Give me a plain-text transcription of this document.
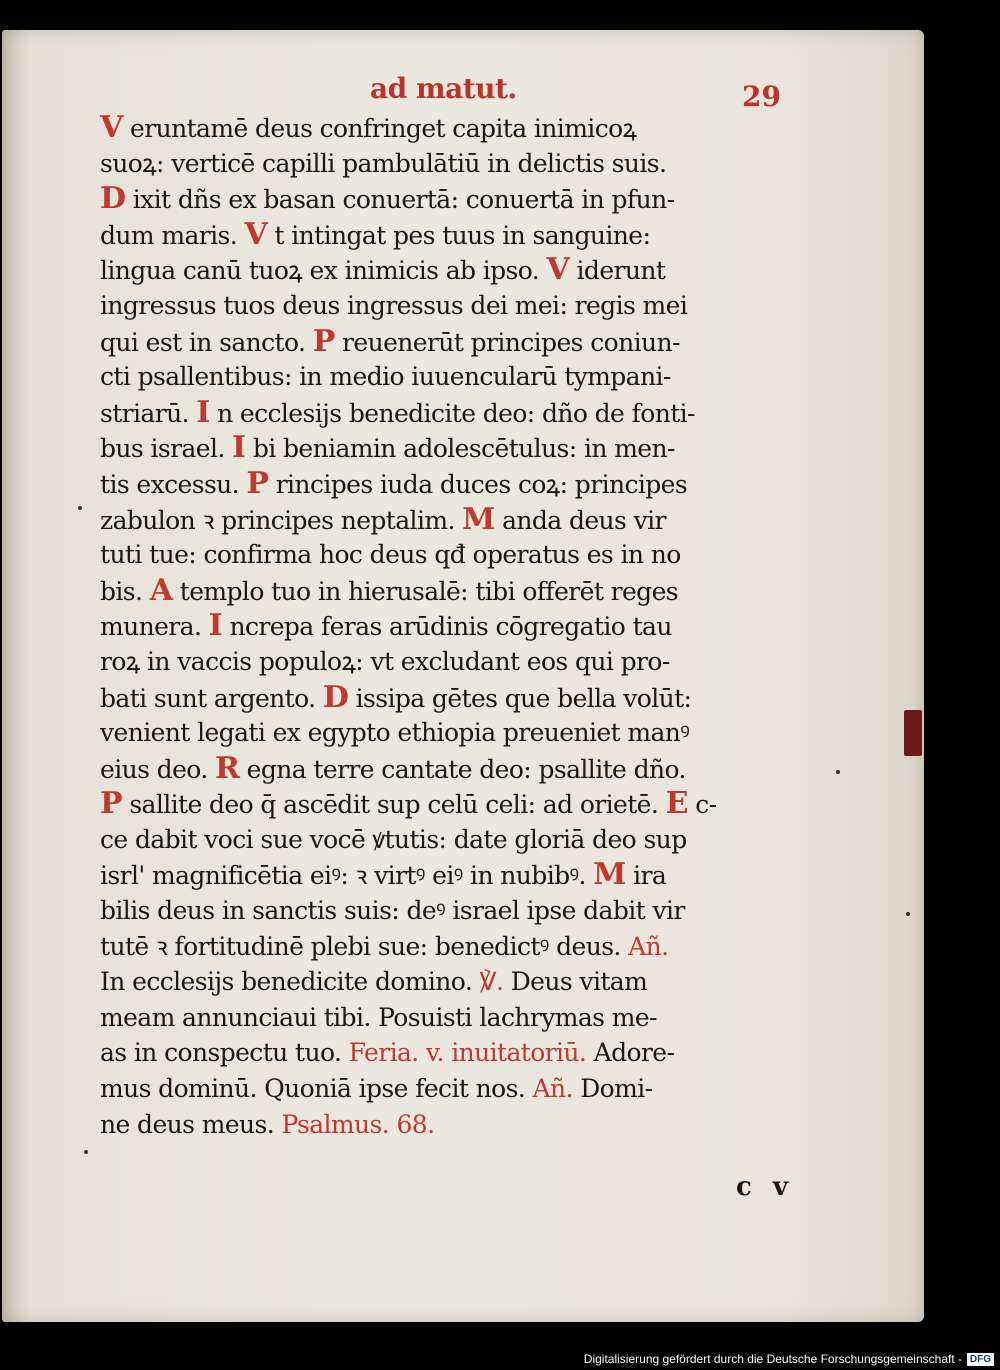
ad matut.	29
V eruntamē deus confringet capita inimicoꝝ
suoꝝ: verticē capilli pambulātiū in delictis suis.
D ixit dñs ex basan conuertā: conuertā in pfun-
dum maris. V t intingat pes tuus in sanguine:
lingua canū tuoꝝ ex inimicis ab ipso. V iderunt
ingressus tuos deus ingressus dei mei: regis mei
qui est in sancto. P reuenerūt principes coniun-
cti psallentibus: in medio iuuencularū tympani-
striarū. I n ecclesijs benedicite deo: dño de fonti-
bus israel. I bi beniamin adolescētulus: in men-
tis excessu. P rincipes iuda duces coꝝ: principes
zabulon ꝛ principes neptalim. M anda deus vir
tuti tue: confirma hoc deus qđ operatus es in no
bis. A templo tuo in hierusalē: tibi offerēt reges
munera. I ncrepa feras arūdinis cōgregatio tau
roꝝ in vaccis populoꝝ: vt excludant eos qui pro-
bati sunt argento. D issipa gētes que bella volūt:
venient legati ex egypto ethiopia preueniet manꝰ
eius deo. R egna terre cantate deo: psallite dño.
P sallite deo q̄ ascēdit sup celū celi: ad orietē. E c-
ce dabit voci sue vocē ꝟtutis: date gloriā deo sup
isrl' magnificētia eiꝰ: ꝛ virtꝰ eiꝰ in nubibꝰ. M ira
bilis deus in sanctis suis: deꝰ israel ipse dabit vir
tutē ꝛ fortitudinē plebi sue: benedictꝰ deus. Añ.
In ecclesijs benedicite domino. ℣. Deus vitam
meam annunciaui tibi. Posuisti lachrymas me-
as in conspectu tuo. Feria. v. inuitatoriū. Adore-
mus dominū. Quoniā ipse fecit nos. Añ. Domi-
ne deus meus. Psalmus. 68.
c v
Digitalisierung gefördert durch die Deutsche Forschungsgemeinschaft - DFG
